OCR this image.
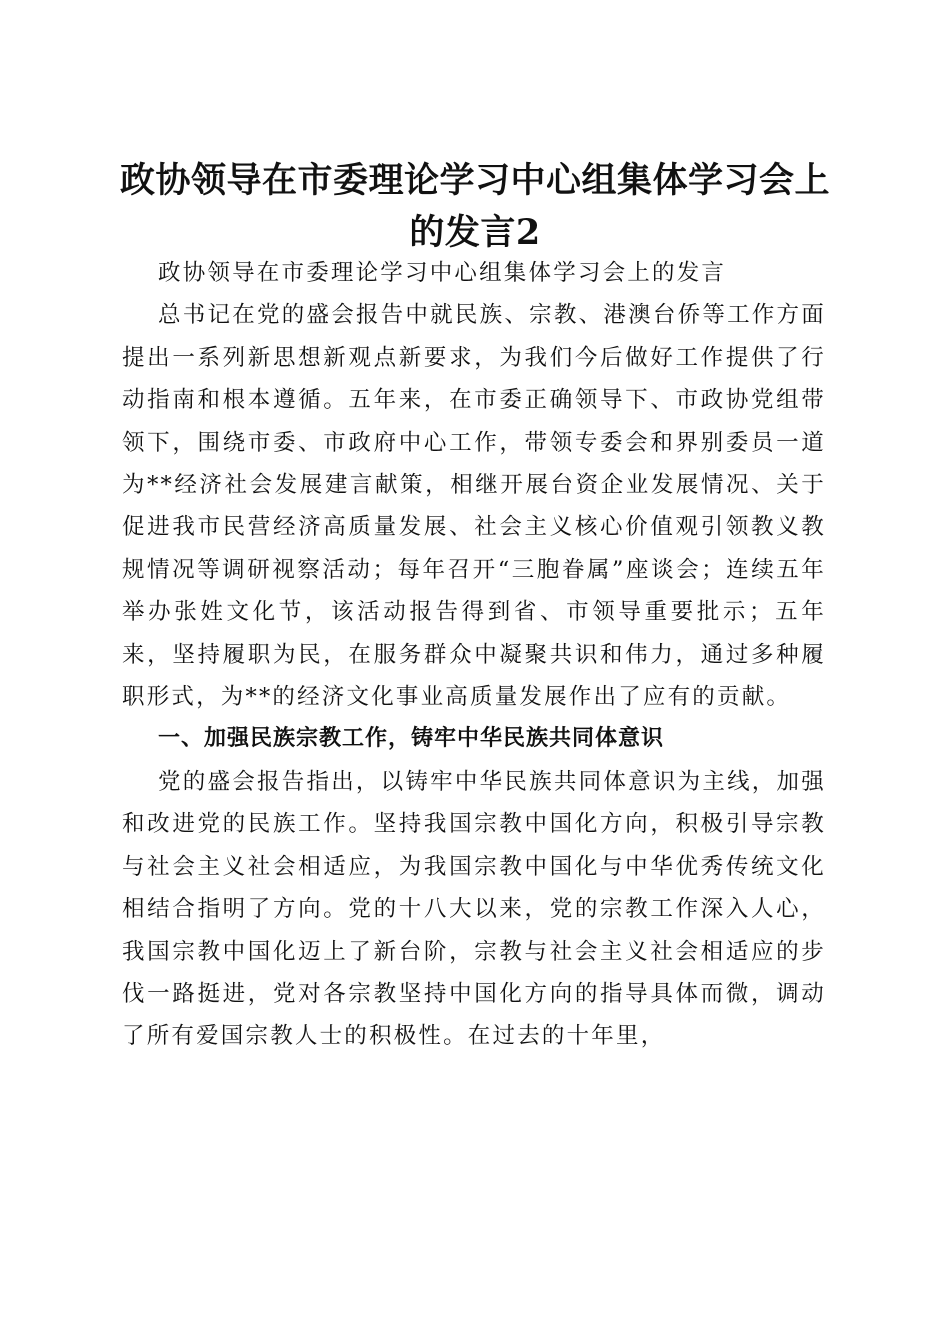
政协领导在市委理论学习中心组集体学习会上
的发言2

政协领导在市委理论学习中心组集体学习会上的发言

总书记在党的盛会报告中就民族、宗教、港澳台侨等工作方面提出一系列新思想新观点新要求，为我们今后做好工作提供了行动指南和根本遵循。五年来，在市委正确领导下、市政协党组带领下，围绕市委、市政府中心工作，带领专委会和界别委员一道为**经济社会发展建言献策，相继开展台资企业发展情况、关于促进我市民营经济高质量发展、社会主义核心价值观引领教义教规情况等调研视察活动；每年召开“三胞眷属”座谈会；连续五年举办张姓文化节，该活动报告得到省、市领导重要批示；五年来，坚持履职为民，在服务群众中凝聚共识和伟力，通过多种履职形式，为**的经济文化事业高质量发展作出了应有的贡献。

一、加强民族宗教工作，铸牢中华民族共同体意识

党的盛会报告指出，以铸牢中华民族共同体意识为主线，加强和改进党的民族工作。坚持我国宗教中国化方向，积极引导宗教与社会主义社会相适应，为我国宗教中国化与中华优秀传统文化相结合指明了方向。党的十八大以来，党的宗教工作深入人心，我国宗教中国化迈上了新台阶，宗教与社会主义社会相适应的步伐一路挺进，党对各宗教坚持中国化方向的指导具体而微，调动了所有爱国宗教人士的积极性。在过去的十年里，
